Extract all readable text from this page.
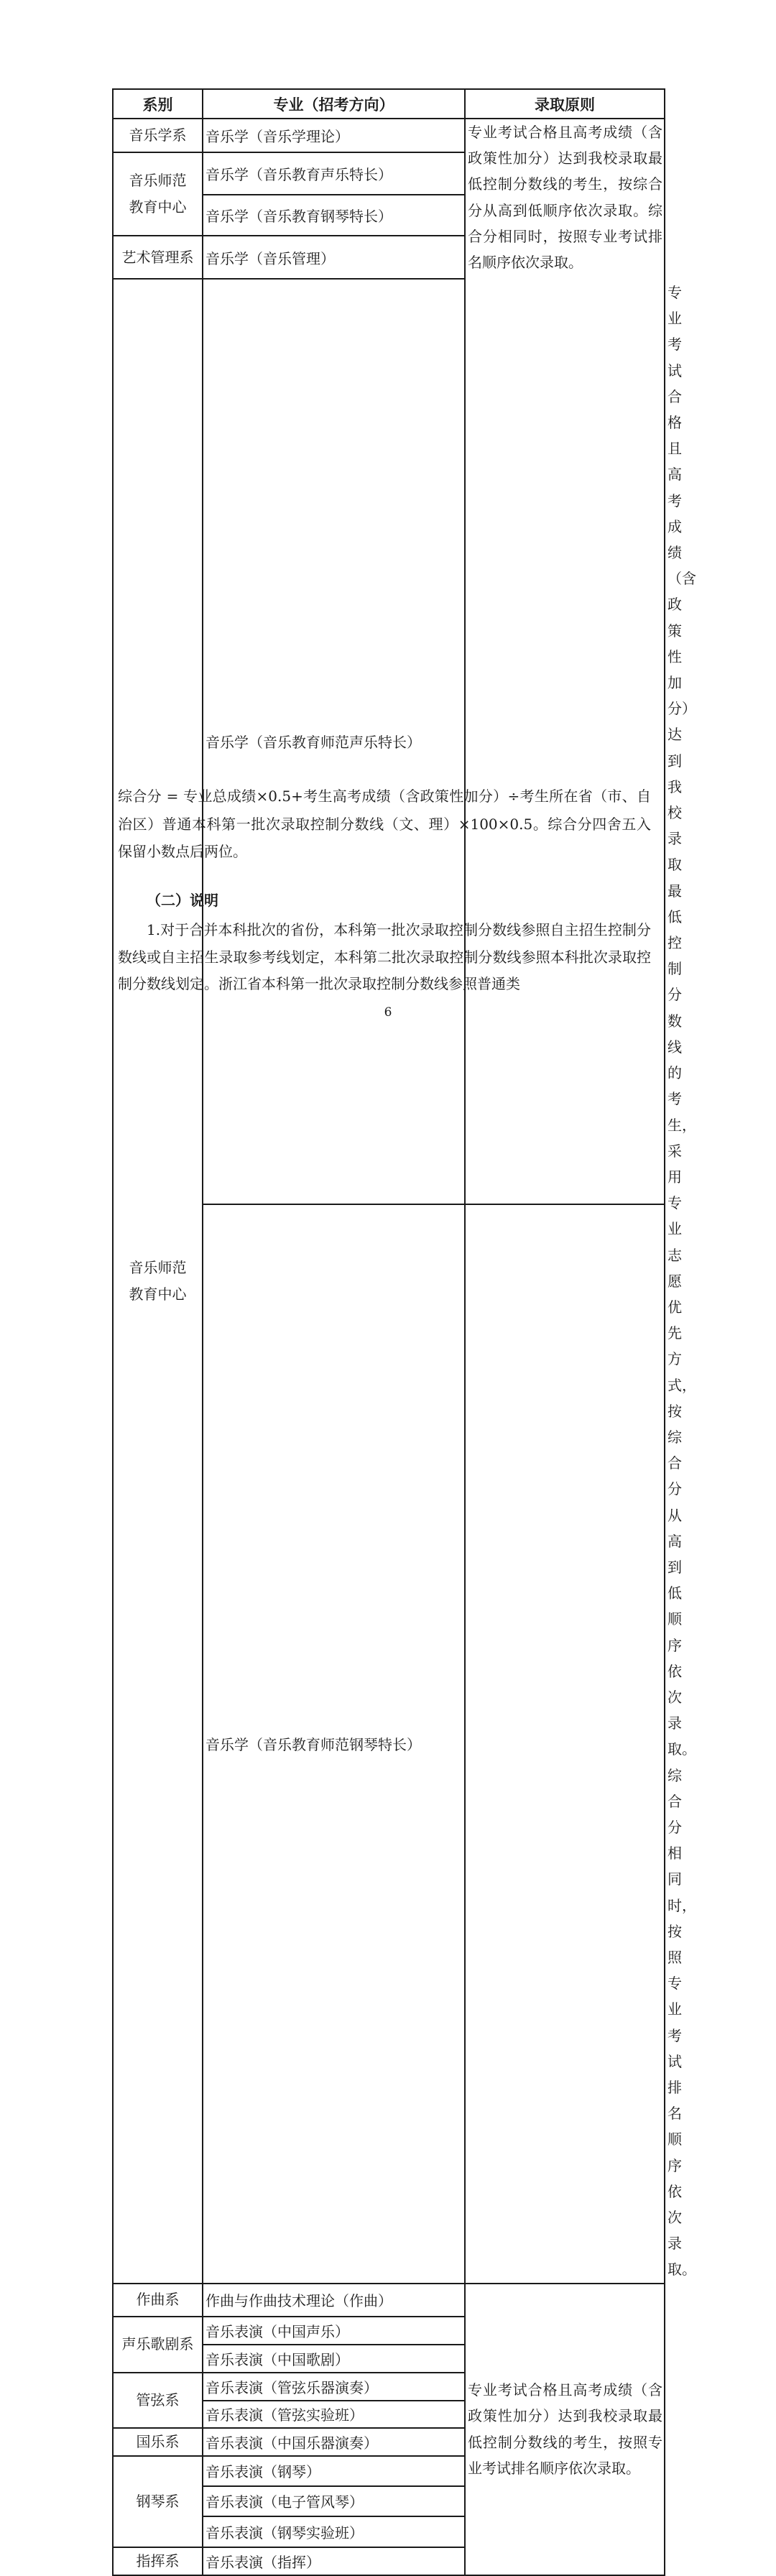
系别	专业（招考方向）	录取原则	
音乐学系	音乐学（音乐学理论）	专业考试合格且高考成绩（含政策性加分）达到我校录取最低控制分数线的考生，按综合分从高到低顺序依次录取。综合分相同时，按照专业考试排名顺序依次录取。	

音乐师范教育中心	音乐学（音乐教育声乐特长）		
	音乐学（音乐教育钢琴特长）		
艺术管理系	音乐学（音乐管理）		

音乐师范教育中心	音乐学（音乐教育师范声乐特长）		专业考试合格且高考成绩（含政策性加分）达到我校录取最低控制分数线的考生，采用专业志愿优先方式，按综合分从高到低顺序依次录取。综合分相同时，按照专业考试排名顺序依次录取。

	音乐学（音乐教育师范钢琴特长）		
作曲系	作曲与作曲技术理论（作曲）	专业考试合格且高考成绩（含政策性加分）达到我校录取最低控制分数线的考生，按照专业考试排名顺序依次录取。	

声乐歌剧系	音乐表演（中国声乐）		
	音乐表演（中国歌剧）		
管弦系	音乐表演（管弦乐器演奏）		
	音乐表演（管弦实验班）		
国乐系	音乐表演（中国乐器演奏）		
钢琴系	音乐表演（钢琴）		
	音乐表演（电子管风琴）		
	音乐表演（钢琴实验班）		
指挥系	音乐表演（指挥）		
综合分 = 专业总成绩×0.5+考生高考成绩（含政策性加分）÷考生所在省（市、自治区）普通本科第一批次录取控制分数线（文、理）×100×0.5。综合分四舍五入保留小数点后两位。
（二）说明
1.对于合并本科批次的省份，本科第一批次录取控制分数线参照自主招生控制分数线或自主招生录取参考线划定，本科第二批次录取控制分数线参照本科批次录取控制分数线划定。浙江省本科第一批次录取控制分数线参照普通类
6
